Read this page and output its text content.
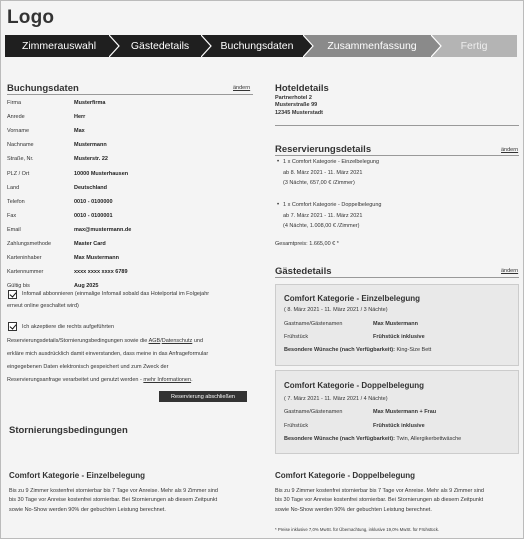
Logo
Zimmerauswahl	Gästedetails	Buchungsdaten	Zusammenfassung	Fertig
Buchungsdaten	ändern
Firma	Musterfirma
Anrede	Herr
Vorname	Max
Nachname	Mustermann
Straße, Nr.	Musterstr. 22
PLZ / Ort	10000 Musterhausen
Land	Deutschland
Telefon	0010 - 0100000
Fax	0010 - 0100001
Email	max@mustermann.de
Zahlungsmethode	Master Card
Karteninhaber	Max Mustermann
Kartennummer	xxxx xxxx xxxx 6789
Gültig bis	Aug 2025
Infomail abbonnieren (einmalige Infomail sobald das Hotelportal im Folgejahr
erneut online geschaltet wird)
Ich akzeptiere die rechts aufgeführten
Reservierungsdetails/Stornierungsbedingungen sowie die AGB/Datenschutz und
erkläre mich ausdrücklich damit einverstanden, dass meine in das Anfrageformular
eingegebenen Daten elektronisch gespeichert und zum Zweck der
Reservierungsanfrage verarbeitet und genutzt werden - mehr Informationen.
Reservierung abschließen
Hoteldetails
Partnerhotel 2
Musterstraße 99
12345 Musterstadt
Reservierungsdetails	ändern
• 1 x Comfort Kategorie - Einzelbelegung
ab 8. März 2021 - 11. März 2021
(3 Nächte, 657,00 € /Zimmer)
• 1 x Comfort Kategorie - Doppelbelegung
ab 7. März 2021 - 11. März 2021
(4 Nächte, 1.008,00 € /Zimmer)
Gesamtpreis: 1.665,00 € *
Gästedetails	ändern
Comfort Kategorie - Einzelbelegung
( 8. März 2021 - 11. März 2021 / 3 Nächte)
Gastname/Gästenamen	Max Mustermann
Frühstück	Frühstück inklusive
Besondere Wünsche (nach Verfügbarkeit): King-Size Bett
Comfort Kategorie - Doppelbelegung
( 7. März 2021 - 11. März 2021 / 4 Nächte)
Gastname/Gästenamen	Max Mustermann + Frau
Frühstück	Frühstück inklusive
Besondere Wünsche (nach Verfügbarkeit): Twin, Allergikerbettwäsche
Stornierungsbedingungen
Comfort Kategorie - Einzelbelegung
Bis zu 9 Zimmer kostenfrei stornierbar bis 7 Tage vor Anreise. Mehr als 9 Zimmer sind
bis 30 Tage vor Anreise kostenfrei stornierbar. Bei Stornierungen ab diesem Zeitpunkt
sowie No-Show werden 90% der gebuchten Leistung berechnet.
Comfort Kategorie - Doppelbelegung
Bis zu 9 Zimmer kostenfrei stornierbar bis 7 Tage vor Anreise. Mehr als 9 Zimmer sind
bis 30 Tage vor Anreise kostenfrei stornierbar. Bei Stornierungen ab diesem Zeitpunkt
sowie No-Show werden 90% der gebuchten Leistung berechnet.
* Preise inklusive 7,0% MwSt. für Übernachtung, inklusive 19,0% MwSt. für Frühstück.
